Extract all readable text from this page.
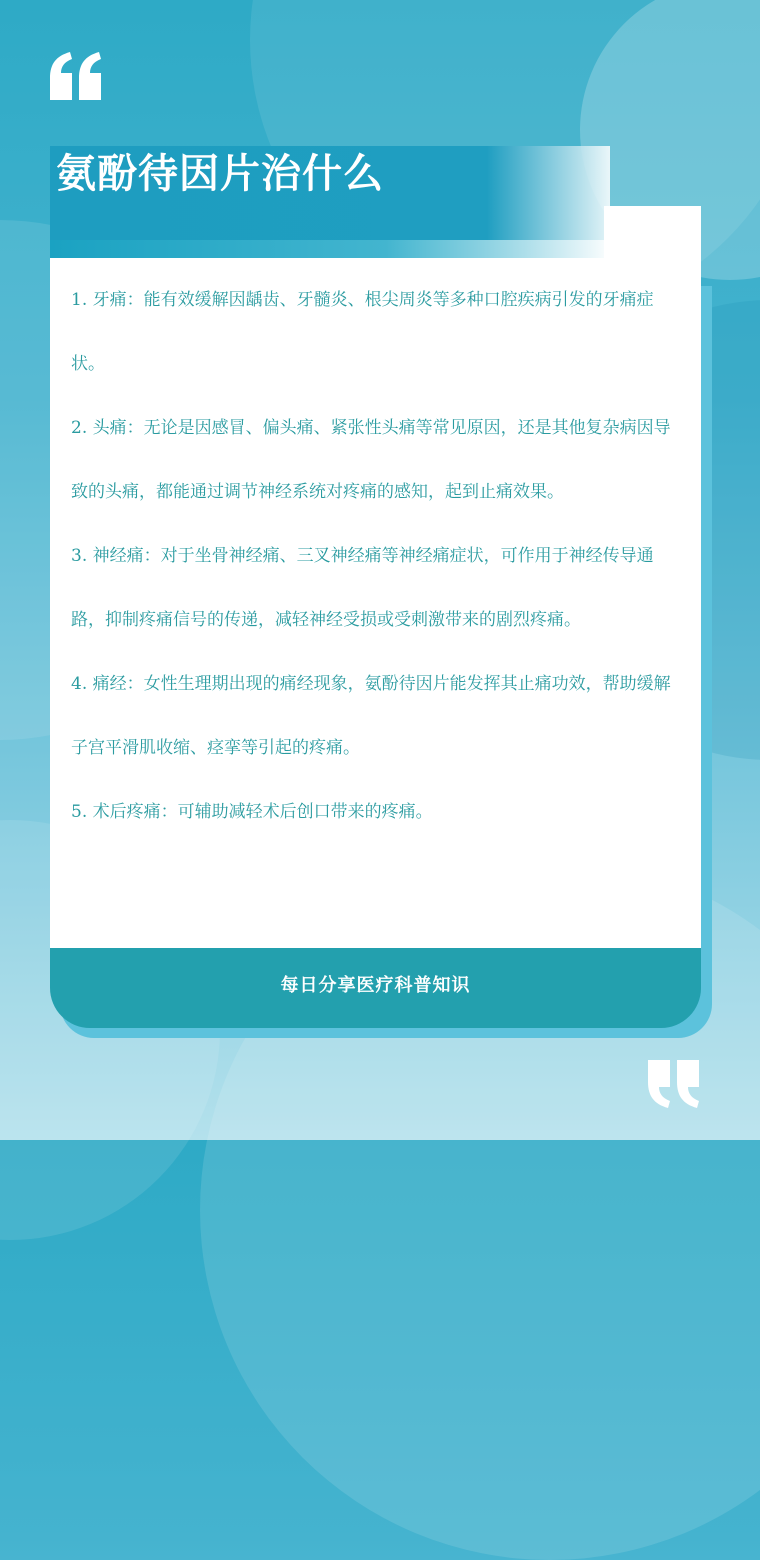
氨酚待因片治什么

1. 牙痛：能有效缓解因龋齿、牙髓炎、根尖周炎等多种口腔疾病引发的牙痛症状。

2. 头痛：无论是因感冒、偏头痛、紧张性头痛等常见原因，还是其他复杂病因导致的头痛，都能通过调节神经系统对疼痛的感知，起到止痛效果。

3. 神经痛：对于坐骨神经痛、三叉神经痛等神经痛症状，可作用于神经传导通路，抑制疼痛信号的传递，减轻神经受损或受刺激带来的剧烈疼痛。

4. 痛经：女性生理期出现的痛经现象，氨酚待因片能发挥其止痛功效，帮助缓解子宫平滑肌收缩、痉挛等引起的疼痛。

5. 术后疼痛：可辅助减轻术后创口带来的疼痛。

每日分享医疗科普知识
